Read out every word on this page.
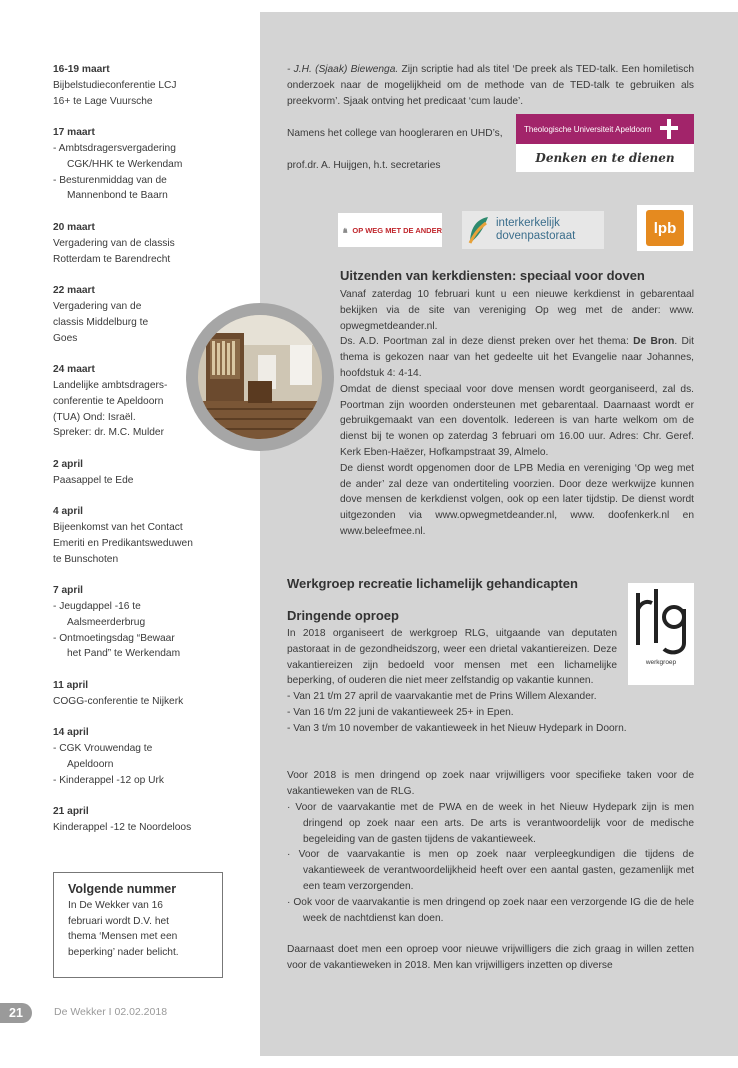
16-19 maart
Bijbelstudieconferentie LCJ
16+ te Lage Vuursche
17 maart
- Ambtsdragersvergadering
CGK/HHK te Werkendam
- Besturenmiddag van de
Mannenbond te Baarn
20 maart
Vergadering van de classis
Rotterdam te Barendrecht
22 maart
Vergadering van de
classis Middelburg te
Goes
24 maart
Landelijke ambtsdragers-
conferentie te Apeldoorn
(TUA) Ond: Israël.
Spreker: dr. M.C. Mulder
2 april
Paasappel te Ede
4 april
Bijeenkomst van het Contact
Emeriti en Predikantsweduwen
te Bunschoten
7 april
- Jeugdappel -16 te
Aalsmeerderbrug
- Ontmoetingsdag “Bewaar
het Pand” te Werkendam
11 april
COGG-conferentie te Nijkerk
14 april
- CGK Vrouwendag te
Apeldoorn
- Kinderappel -12 op Urk
21 april
Kinderappel -12 te Noordeloos
Volgende nummer
In De Wekker van 16
februari wordt D.V. het
thema ‘Mensen met een
beperking’ nader belicht.
21	De Wekker I 02.02.2018
- J.H. (Sjaak) Biewenga. Zijn scriptie had als titel ‘De preek als TED-talk. Een homiletisch onderzoek naar de mogelijkheid om de methode van de TED-talk te gebruiken als preekvorm’. Sjaak ontving het predicaat ‘cum laude’.
Namens het college van hoogleraren en UHD’s,
prof.dr. A. Huijgen, h.t. secretaries
Theologische Universiteit Apeldoorn
Denken en te dienen
OP WEG MET DE ANDER
interkerkelijk
dovenpastoraat	lpb
Uitzenden van kerkdiensten: speciaal voor doven
Vanaf zaterdag 10 februari kunt u een nieuwe kerkdienst in gebarentaal bekijken via de site van vereniging Op weg met de ander: www. opwegmetdeander.nl.
Ds. A.D. Poortman zal in deze dienst preken over het thema: De Bron. Dit thema is gekozen naar van het gedeelte uit het Evangelie naar Johannes, hoofdstuk 4: 4-14.
Omdat de dienst speciaal voor dove mensen wordt georganiseerd, zal ds. Poortman zijn woorden ondersteunen met gebarentaal. Daarnaast wordt er gebruikgemaakt van een doventolk. Iedereen is van harte welkom om de dienst bij te wonen op zaterdag 3 februari om 16.00 uur. Adres: Chr. Geref. Kerk Eben-Haëzer, Hofkampstraat 39, Almelo.
De dienst wordt opgenomen door de LPB Media en vereniging ‘Op weg met de ander’ zal deze van ondertiteling voorzien. Door deze werkwijze kunnen dove mensen de kerkdienst volgen, ook op een later tijdstip. De dienst wordt uitgezonden via www.opwegmetdeander.nl, www. doofenkerk.nl en www.beleefmee.nl.
Werkgroep recreatie lichamelijk gehandicapten
Dringende oproep
In 2018 organiseert de werkgroep RLG, uitgaande van deputaten pastoraat in de gezondheidszorg, weer een drietal vakantiereizen. Deze vakantiereizen zijn bedoeld voor mensen met een lichamelijke beperking, of ouderen die niet meer zelfstandig op vakantie kunnen.
werkgroep
- Van 21 t/m 27 april de vaarvakantie met de Prins Willem Alexander.
- Van 16 t/m 22 juni de vakantieweek 25+ in Epen.
- Van 3 t/m 10 november de vakantieweek in het Nieuw Hydepark in Doorn.
Voor 2018 is men dringend op zoek naar vrijwilligers voor specifieke taken voor de vakantieweken van de RLG.
· Voor de vaarvakantie met de PWA en de week in het Nieuw Hydepark zijn is men dringend op zoek naar een arts. De arts is verantwoordelijk voor de medische begeleiding van de gasten tijdens de vakantieweek.
· Voor de vaarvakantie is men op zoek naar verpleegkundigen die tijdens de vakantieweek de verantwoordelijkheid heeft over een aantal gasten, gezamenlijk met een team verzorgenden.
· Ook voor de vaarvakantie is men dringend op zoek naar een verzorgende IG die de hele week de nachtdienst kan doen.
Daarnaast doet men een oproep voor nieuwe vrijwilligers die zich graag in willen zetten voor de vakantieweken in 2018. Men kan vrijwilligers inzetten op diverse
